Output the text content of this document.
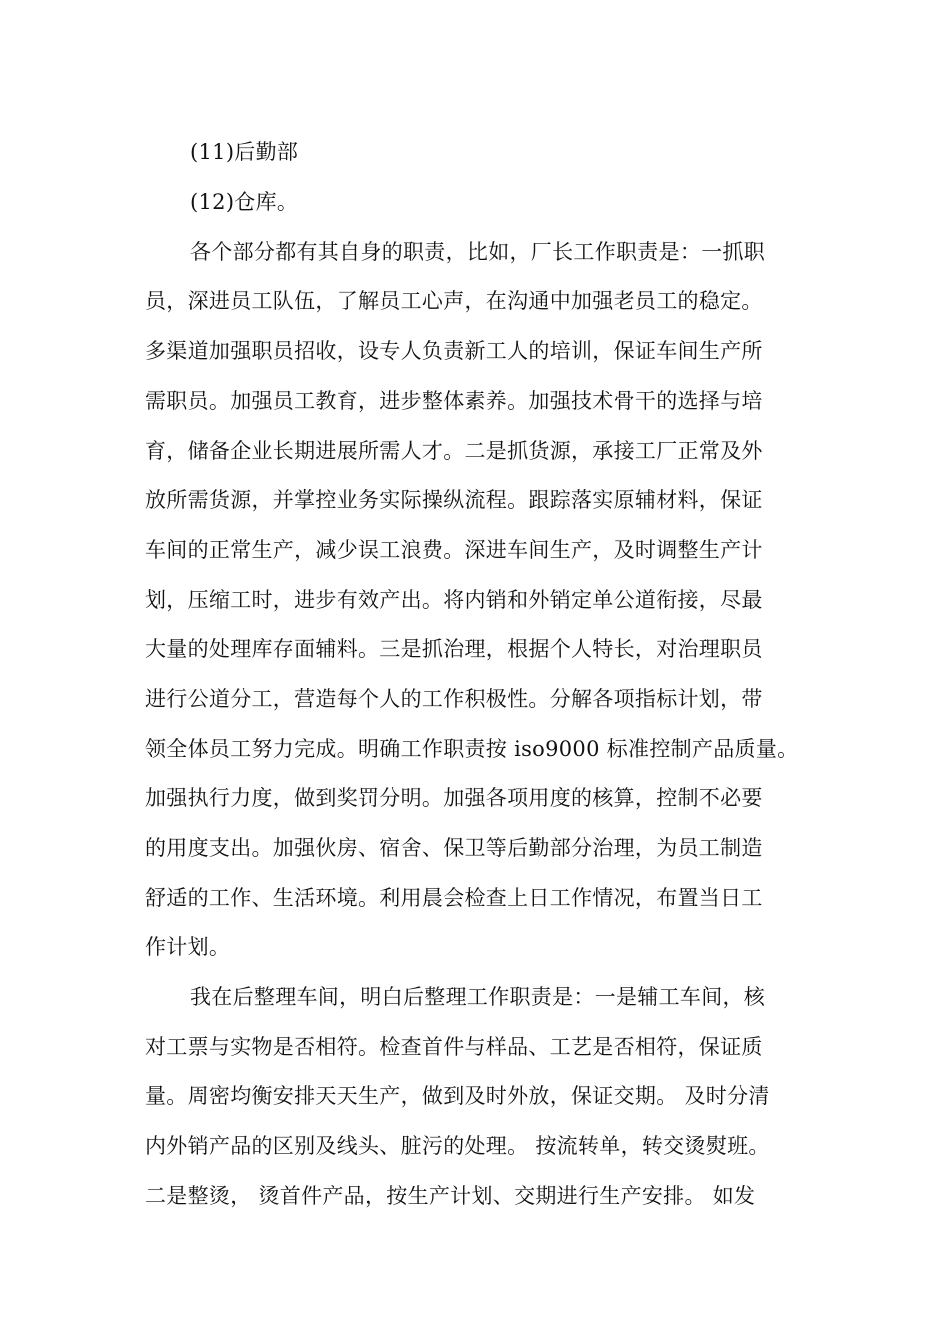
(11)后勤部
(12)仓库。
各个部分都有其自身的职责，比如，厂长工作职责是：一抓职
员，深进员工队伍，了解员工心声，在沟通中加强老员工的稳定。
多渠道加强职员招收，设专人负责新工人的培训，保证车间生产所
需职员。加强员工教育，进步整体素养。加强技术骨干的选择与培
育，储备企业长期进展所需人才。二是抓货源，承接工厂正常及外
放所需货源，并掌控业务实际操纵流程。跟踪落实原辅材料，保证
车间的正常生产，减少误工浪费。深进车间生产，及时调整生产计
划，压缩工时，进步有效产出。将内销和外销定单公道衔接，尽最
大量的处理库存面辅料。三是抓治理，根据个人特长，对治理职员
进行公道分工，营造每个人的工作积极性。分解各项指标计划，带
领全体员工努力完成。明确工作职责按 iso9000 标准控制产品质量。
加强执行力度，做到奖罚分明。加强各项用度的核算，控制不必要
的用度支出。加强伙房、宿舍、保卫等后勤部分治理，为员工制造
舒适的工作、生活环境。利用晨会检查上日工作情况，布置当日工
作计划。
我在后整理车间，明白后整理工作职责是：一是辅工车间，核
对工票与实物是否相符。检查首件与样品、工艺是否相符，保证质
量。周密均衡安排天天生产，做到及时外放，保证交期。 及时分清
内外销产品的区别及线头、脏污的处理。 按流转单，转交烫熨班。
二是整烫， 烫首件产品，按生产计划、交期进行生产安排。 如发
